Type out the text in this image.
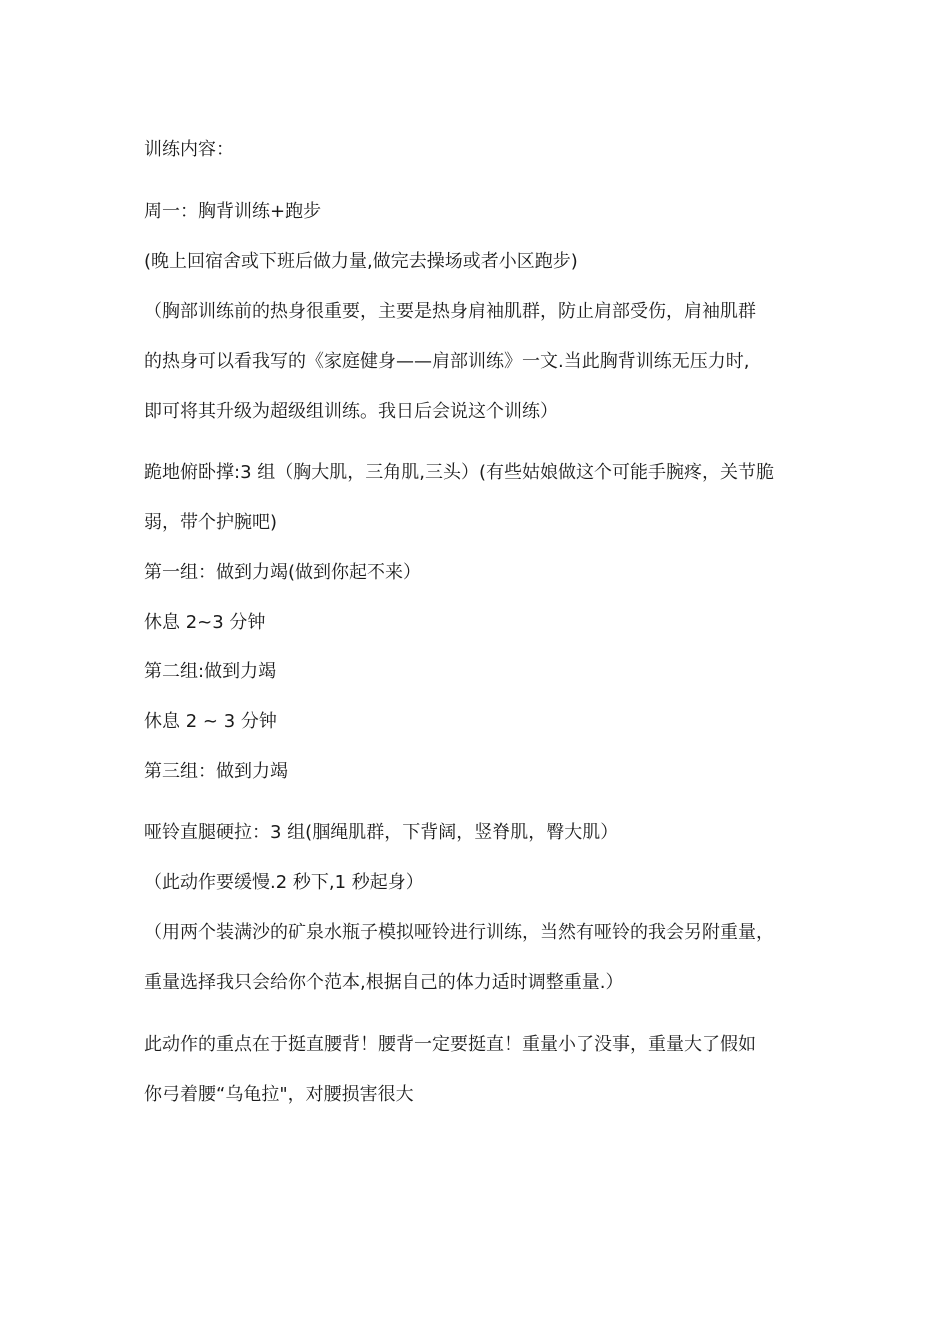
训练内容：
周一：胸背训练+跑步
(晚上回宿舍或下班后做力量,做完去操场或者小区跑步)
（胸部训练前的热身很重要，主要是热身肩袖肌群，防止肩部受伤，肩袖肌群
的热身可以看我写的《家庭健身——肩部训练》一文.当此胸背训练无压力时,
即可将其升级为超级组训练。我日后会说这个训练）
跪地俯卧撑:3 组（胸大肌，三角肌,三头）(有些姑娘做这个可能手腕疼，关节脆
弱，带个护腕吧)
第一组：做到力竭(做到你起不来）
休息 2~3 分钟
第二组:做到力竭
休息 2 ~ 3 分钟
第三组：做到力竭
哑铃直腿硬拉：3 组(腘绳肌群，下背阔，竖脊肌，臀大肌）
（此动作要缓慢.2 秒下,1 秒起身）
（用两个装满沙的矿泉水瓶子模拟哑铃进行训练，当然有哑铃的我会另附重量，
重量选择我只会给你个范本,根据自己的体力适时调整重量.）
此动作的重点在于挺直腰背！腰背一定要挺直！重量小了没事，重量大了假如
你弓着腰“乌龟拉"，对腰损害很大
